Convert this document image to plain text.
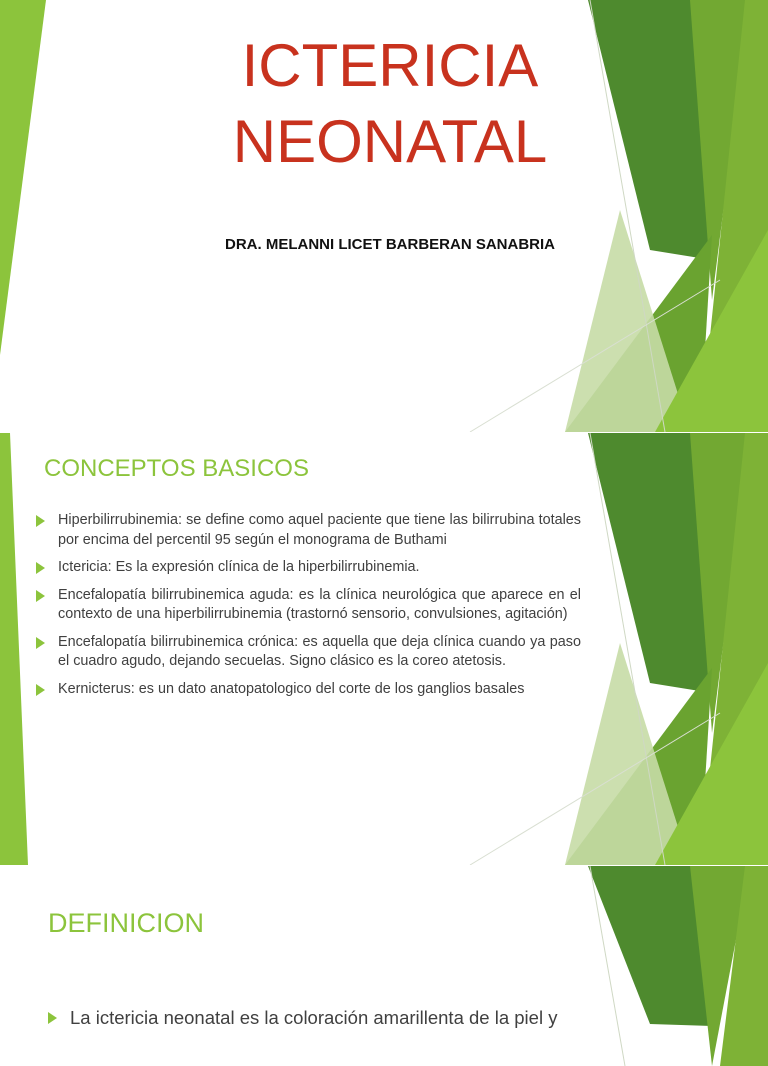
ICTERICIA
NEONATAL
DRA. MELANNI LICET BARBERAN SANABRIA
CONCEPTOS BASICOS
Hiperbilirrubinemia: se define como aquel paciente que tiene las bilirrubina totales por encima del percentil 95 según el monograma de Buthami
Ictericia: Es la expresión clínica de la hiperbilirrubinemia.
Encefalopatía bilirrubinemica aguda: es la clínica neurológica que aparece en el contexto de una hiperbilirrubinemia (trastornó sensorio, convulsiones, agitación)
Encefalopatía bilirrubinemica crónica: es aquella que deja clínica cuando ya paso el cuadro agudo, dejando secuelas. Signo clásico es la coreo atetosis.
Kernicterus: es un dato anatopatologico del corte de los ganglios basales
DEFINICION
La ictericia neonatal es la coloración amarillenta de la piel y
